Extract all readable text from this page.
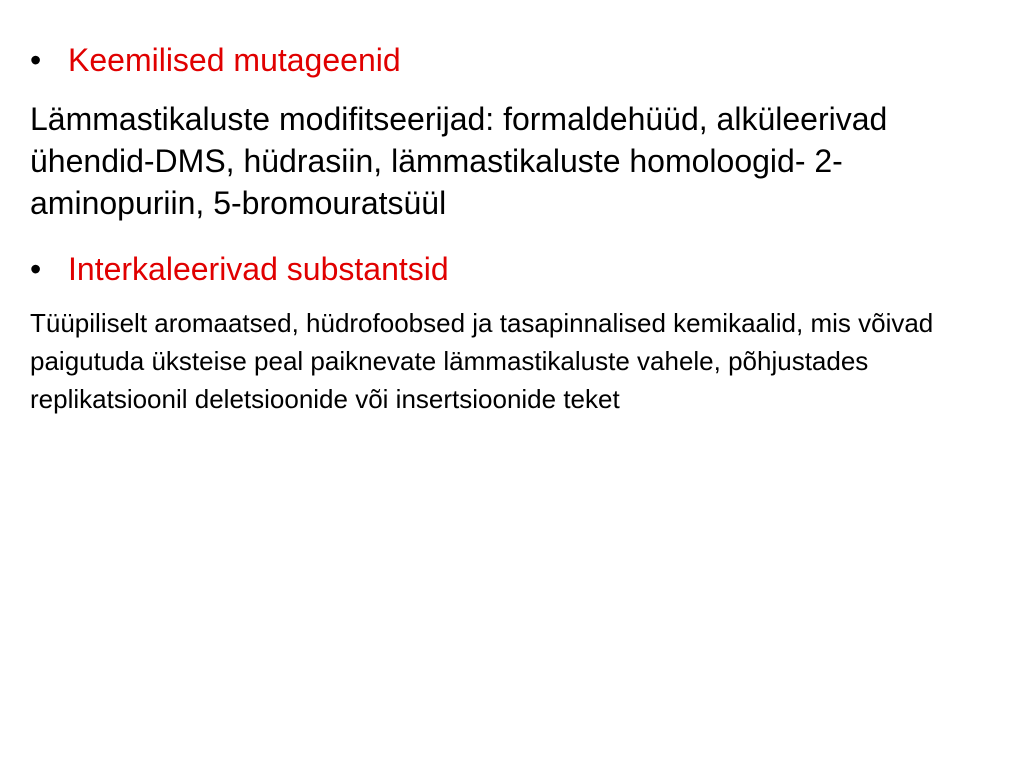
• Keemilised mutageenid

Lämmastikaluste modifitseerijad: formaldehüüd, alküleerivad ühendid-DMS, hüdrasiin, lämmastikaluste homoloogid- 2-aminopuriin, 5-bromouratsüül

• Interkaleerivad substantsid

Tüüpiliselt aromaatsed, hüdrofoobsed ja tasapinnalised kemikaalid, mis võivad paigutuda üksteise peal paiknevate lämmastikaluste vahele, põhjustades replikatsioonil deletsioonide või insertsioonide teket
